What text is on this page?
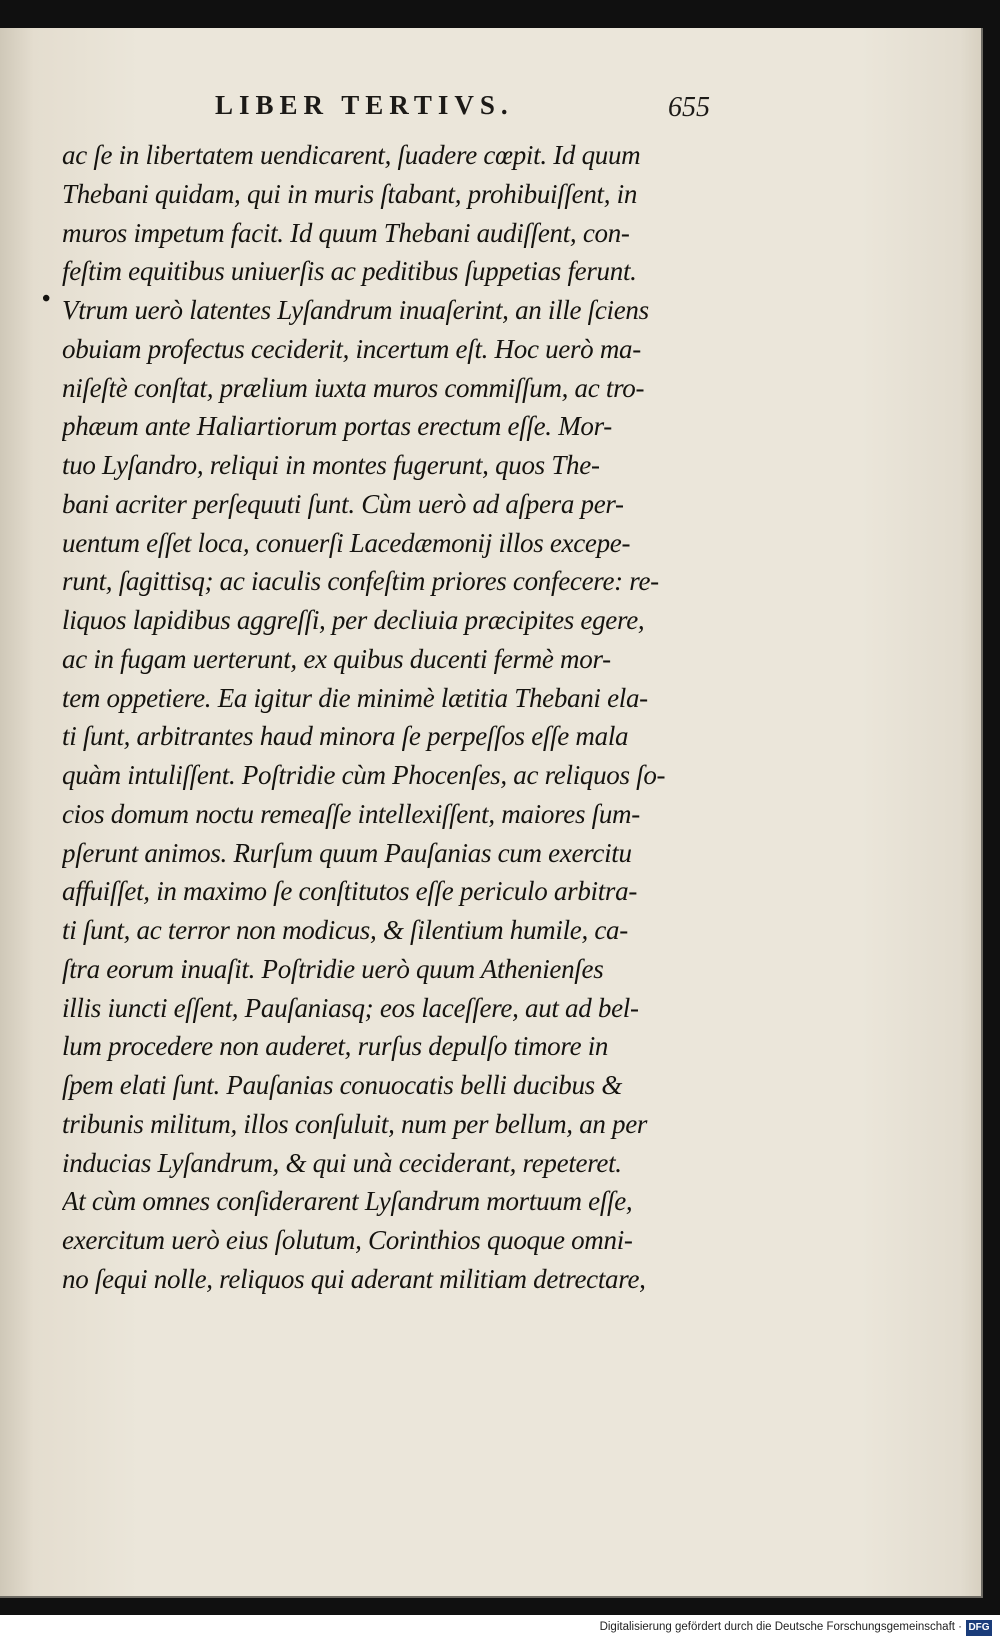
LIBER TERTIVS.	655
•
ac ſe in libertatem uendicarent, ſuadere cœpit. Id quum
Thebani quidam, qui in muris ſtabant, prohibuiſſent, in
muros impetum facit. Id quum Thebani audiſſent, con-
feſtim equitibus uniuerſis ac peditibus ſuppetias ferunt.
Vtrum uerò latentes Lyſandrum inuaſerint, an ille ſciens
obuiam profectus ceciderit, incertum eſt. Hoc uerò ma-
niſeſtè conſtat, prælium iuxta muros commiſſum, ac tro-
phæum ante Haliartiorum portas erectum eſſe. Mor-
tuo Lyſandro, reliqui in montes fugerunt, quos The-
bani acriter perſequuti ſunt. Cùm uerò ad aſpera per-
uentum eſſet loca, conuerſi Lacedæmonij illos excepe-
runt, ſagittisq; ac iaculis confeſtim priores confecere: re-
liquos lapidibus aggreſſi, per decliuia præcipites egere,
ac in fugam uerterunt, ex quibus ducenti fermè mor-
tem oppetiere. Ea igitur die minimè lætitia Thebani ela-
ti ſunt, arbitrantes haud minora ſe perpeſſos eſſe mala
quàm intuliſſent. Poſtridie cùm Phocenſes, ac reliquos ſo-
cios domum noctu remeaſſe intellexiſſent, maiores ſum-
pſerunt animos. Rurſum quum Pauſanias cum exercitu
affuiſſet, in maximo ſe conſtitutos eſſe periculo arbitra-
ti ſunt, ac terror non modicus, & ſilentium humile, ca-
ſtra eorum inuaſit. Poſtridie uerò quum Athenienſes
illis iuncti eſſent, Pauſaniasq; eos laceſſere, aut ad bel-
lum procedere non auderet, rurſus depulſo timore in
ſpem elati ſunt. Pauſanias conuocatis belli ducibus &
tribunis militum, illos conſuluit, num per bellum, an per
inducias Lyſandrum, & qui unà ceciderant, repeteret.
At cùm omnes conſiderarent Lyſandrum mortuum eſſe,
exercitum uerò eius ſolutum, Corinthios quoque omni-
no ſequi nolle, reliquos qui aderant militiam detrectare,
Digitalisierung gefördert durch die Deutsche Forschungsgemeinschaft · DFG
